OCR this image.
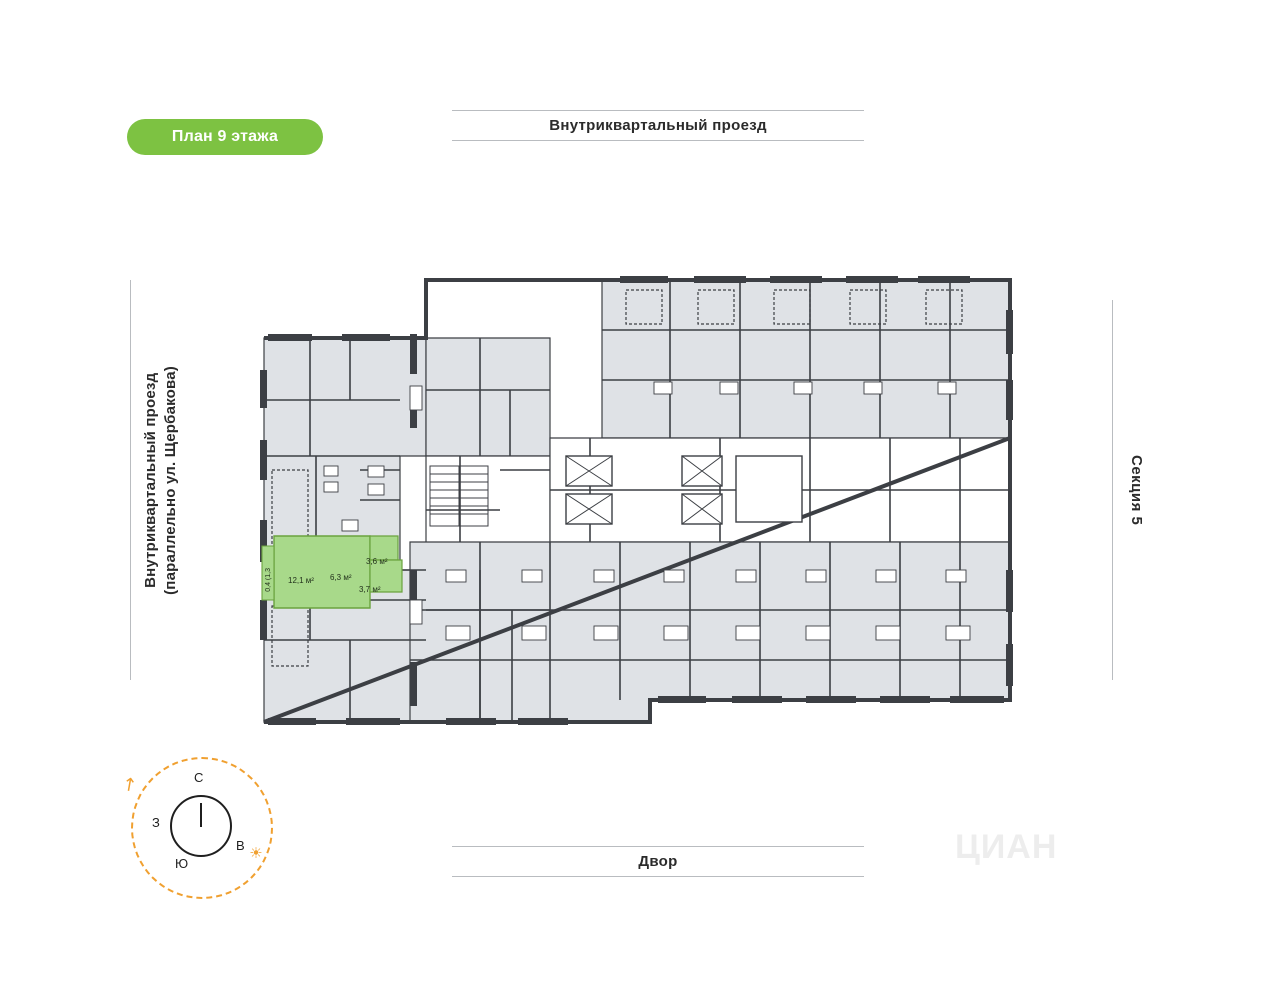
План 9 этажа
Внутриквартальный проезд
Двор
Внутриквартальный проезд (параллельно ул. Щербакова)	Секция 5
↗	С
З
В
Ю
☀
12,1 м² 6,3 м²
3,6 м²
3,7 м²
0,4 (1,3
ЦИАН
